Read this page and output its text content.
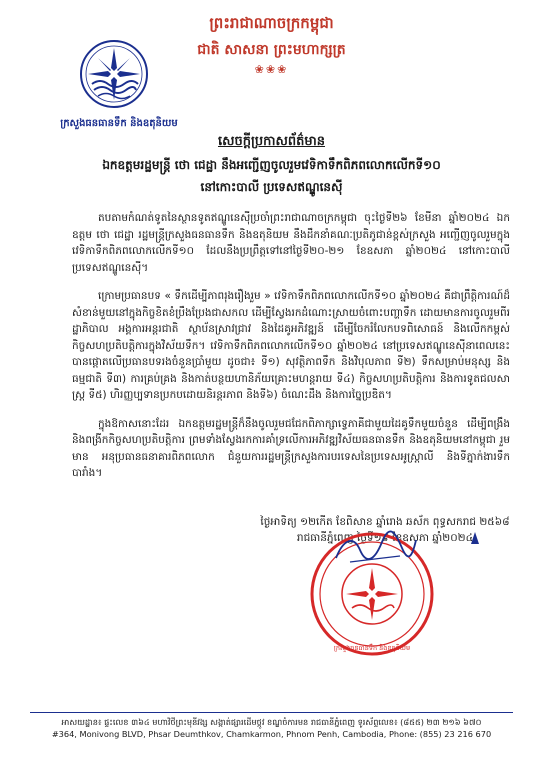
ព្រះរាជាណាចក្រកម្ពុជា
ជាតិ សាសនា ព្រះមហាក្សត្រ
❀❀❀
ក្រសួងធនធានទឹក និងឧតុនិយម
សេចក្តីប្រកាសព័ត៌មាន
ឯកឧត្តមរដ្ឋមន្ត្រី ថោ ជេដ្ឋា នឹងអញ្ជើញចូលរួមវេទិកាទឹកពិភពលោកលើកទី១០
នៅកោះបាលី ប្រទេសឥណ្ឌូនេស៊ី

តបតាមកំណត់ទូតនៃស្ថានទូតឥណ្ឌូនេស៊ីប្រចាំព្រះរាជាណាចក្រកម្ពុជា ចុះថ្ងៃទី២៦ ខែមីនា ឆ្នាំ២០២៤ ឯកឧត្តម ថោ ជេដ្ឋា រដ្ឋមន្ត្រីក្រសួងធនធានទឹក និងឧតុនិយម នឹងដឹកនាំគណៈប្រតិភូជាន់ខ្ពស់ក្រសួង អញ្ជើញចូលរួមក្នុងវេទិកាទឹកពិភពលោកលើកទី១០ ដែលនឹងប្រព្រឹត្តទៅនៅថ្ងៃទី២០-២១ ខែឧសភា ឆ្នាំ២០២៤ នៅកោះបាលី ប្រទេសឥណ្ឌូនេស៊ី។

ក្រោមប្រធានបទ « ទឹកដើម្បីភាពរុងរឿងរួម » វេទិកាទឹកពិភពលោកលើកទី១០ ឆ្នាំ២០២៤ គឺជាព្រឹត្តិការណ៍ដ៏សំខាន់មួយនៅក្នុងកិច្ចខិតខំប្រឹងប្រែងជាសកល ដើម្បីស្វែងរកដំណោះស្រាយចំពោះបញ្ហាទឹក ដោយមានការចូលរួមពីរដ្ឋាភិបាល អង្គការអន្តរជាតិ ស្ថាប័នស្រាវជ្រាវ និងដៃគូអភិវឌ្ឍន៍ ដើម្បីចែករំលែកបទពិសោធន៍ និងលើកកម្ពស់កិច្ចសហប្រតិបត្តិការក្នុងវិស័យទឹក។ វេទិកាទឹកពិភពលោកលើកទី១០ ឆ្នាំ២០២៤ នៅប្រទេសឥណ្ឌូនេស៊ីនាពេលនេះ បានផ្តោតលើប្រធានបទរងចំនួនប្រាំមួយ ដូចជា៖ ទី១) សុវត្ថិភាពទឹក និងវិបុលភាព ទី២) ទឹកសម្រាប់មនុស្ស និងធម្មជាតិ ទី៣) ការគ្រប់គ្រង និងកាត់បន្ថយហានិភ័យគ្រោះមហន្តរាយ ទី៤) កិច្ចសហប្រតិបត្តិការ និងការទូតជលសាស្ត្រ ទី៥) ហិរញ្ញប្បទានប្រកបដោយនិរន្តរភាព និងទី៦) ចំណេះដឹង និងការច្នៃប្រឌិត។

ក្នុងឱកាសនោះដែរ ឯកឧត្តមរដ្ឋមន្ត្រីក៏នឹងចូលរួមជជែកពិភាក្សាទ្វេភាគីជាមួយដៃគូទឹកមួយចំនួន ដើម្បីពង្រឹងនិងពង្រីកកិច្ចសហប្រតិបត្តិការ ព្រមទាំងស្វែងរកការគាំទ្រលើការអភិវឌ្ឍវិស័យធនធានទឹក និងឧតុនិយមនៅកម្ពុជា រួមមាន អនុប្រធានធនាគារពិភពលោក ជំនួយការរដ្ឋមន្ត្រីក្រសួងការបរទេសនៃប្រទេសអូស្ត្រាលី និងទីភ្នាក់ងារទឹកបារាំង។

ថ្ងៃអាទិត្យ ១២កើត ខែពិសាខ ឆ្នាំរោង ឆស័ក ពុទ្ធសករាជ ២៥៦៨
រាជធានីភ្នំពេញ ថ្ងៃទី១៩ ខែឧសភា ឆ្នាំ២០២៤
ក្រសួងធនធានទឹក និងឧតុនិយម
អាសយដ្ឋាន៖ ផ្ទះលេខ ៣៦៤ មហាវិថីព្រះមុនីវង្ស សង្កាត់ផ្សារដើមថ្កូវ ខណ្ឌចំការមន រាជធានីភ្នំពេញ ទូរស័ព្ទលេខ៖ (៨៥៥) ២៣ ២១៦ ៦៧០
#364, Monivong BLVD, Phsar Deumthkov, Chamkarmon, Phnom Penh, Cambodia, Phone: (855) 23 216 670
